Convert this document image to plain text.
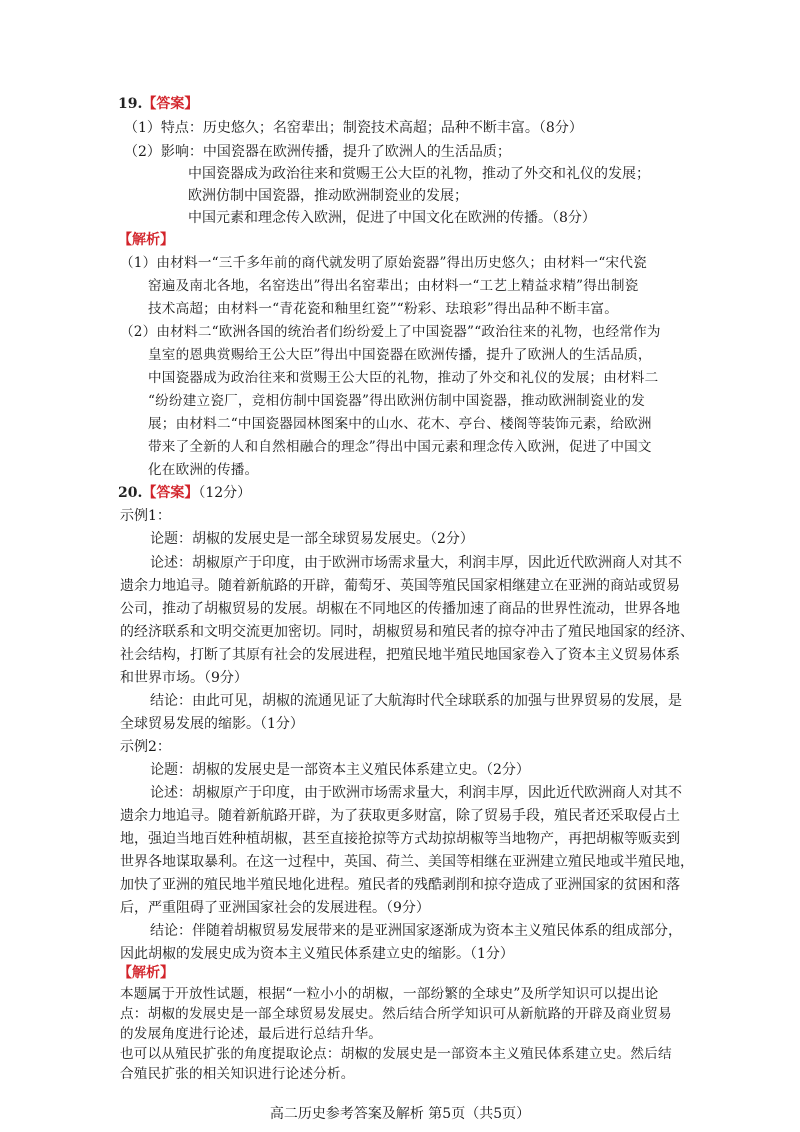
19.【答案】
（1）特点：历史悠久；名窑辈出；制瓷技术高超；品种不断丰富。（8分）
（2）影响：中国瓷器在欧洲传播，提升了欧洲人的生活品质；
中国瓷器成为政治往来和赏赐王公大臣的礼物，推动了外交和礼仪的发展；
欧洲仿制中国瓷器，推动欧洲制瓷业的发展；
中国元素和理念传入欧洲，促进了中国文化在欧洲的传播。（8分）
【解析】
（1）由材料一“三千多年前的商代就发明了原始瓷器”得出历史悠久；由材料一“宋代瓷
窑遍及南北各地，名窑迭出”得出名窑辈出；由材料一“工艺上精益求精”得出制瓷
技术高超；由材料一“青花瓷和釉里红瓷”“粉彩、珐琅彩”得出品种不断丰富。
（2）由材料二“欧洲各国的统治者们纷纷爱上了中国瓷器”“政治往来的礼物，也经常作为
皇室的恩典赏赐给王公大臣”得出中国瓷器在欧洲传播，提升了欧洲人的生活品质，
中国瓷器成为政治往来和赏赐王公大臣的礼物，推动了外交和礼仪的发展；由材料二
“纷纷建立瓷厂，竞相仿制中国瓷器”得出欧洲仿制中国瓷器，推动欧洲制瓷业的发
展；由材料二“中国瓷器园林图案中的山水、花木、亭台、楼阁等装饰元素，给欧洲
带来了全新的人和自然相融合的理念”得出中国元素和理念传入欧洲，促进了中国文
化在欧洲的传播。
20.【答案】（12分）
示例1：
论题：胡椒的发展史是一部全球贸易发展史。（2分）
论述：胡椒原产于印度，由于欧洲市场需求量大，利润丰厚，因此近代欧洲商人对其不
遗余力地追寻。随着新航路的开辟，葡萄牙、英国等殖民国家相继建立在亚洲的商站或贸易
公司，推动了胡椒贸易的发展。胡椒在不同地区的传播加速了商品的世界性流动，世界各地
的经济联系和文明交流更加密切。同时，胡椒贸易和殖民者的掠夺冲击了殖民地国家的经济、
社会结构，打断了其原有社会的发展进程，把殖民地半殖民地国家卷入了资本主义贸易体系
和世界市场。（9分）
结论：由此可见，胡椒的流通见证了大航海时代全球联系的加强与世界贸易的发展，是
全球贸易发展的缩影。（1分）
示例2：
论题：胡椒的发展史是一部资本主义殖民体系建立史。（2分）
论述：胡椒原产于印度，由于欧洲市场需求量大，利润丰厚，因此近代欧洲商人对其不
遗余力地追寻。随着新航路开辟，为了获取更多财富，除了贸易手段，殖民者还采取侵占土
地，强迫当地百姓种植胡椒，甚至直接抢掠等方式劫掠胡椒等当地物产，再把胡椒等贩卖到
世界各地谋取暴利。在这一过程中，英国、荷兰、美国等相继在亚洲建立殖民地或半殖民地，
加快了亚洲的殖民地半殖民地化进程。殖民者的残酷剥削和掠夺造成了亚洲国家的贫困和落
后，严重阻碍了亚洲国家社会的发展进程。（9分）
结论：伴随着胡椒贸易发展带来的是亚洲国家逐渐成为资本主义殖民体系的组成部分，
因此胡椒的发展史成为资本主义殖民体系建立史的缩影。（1分）
【解析】
本题属于开放性试题，根据“一粒小小的胡椒，一部纷繁的全球史”及所学知识可以提出论
点：胡椒的发展史是一部全球贸易发展史。然后结合所学知识可从新航路的开辟及商业贸易
的发展角度进行论述，最后进行总结升华。
也可以从殖民扩张的角度提取论点：胡椒的发展史是一部资本主义殖民体系建立史。然后结
高二历史参考答案及解析 第5页（共5页）
合殖民扩张的相关知识进行论述分析。
